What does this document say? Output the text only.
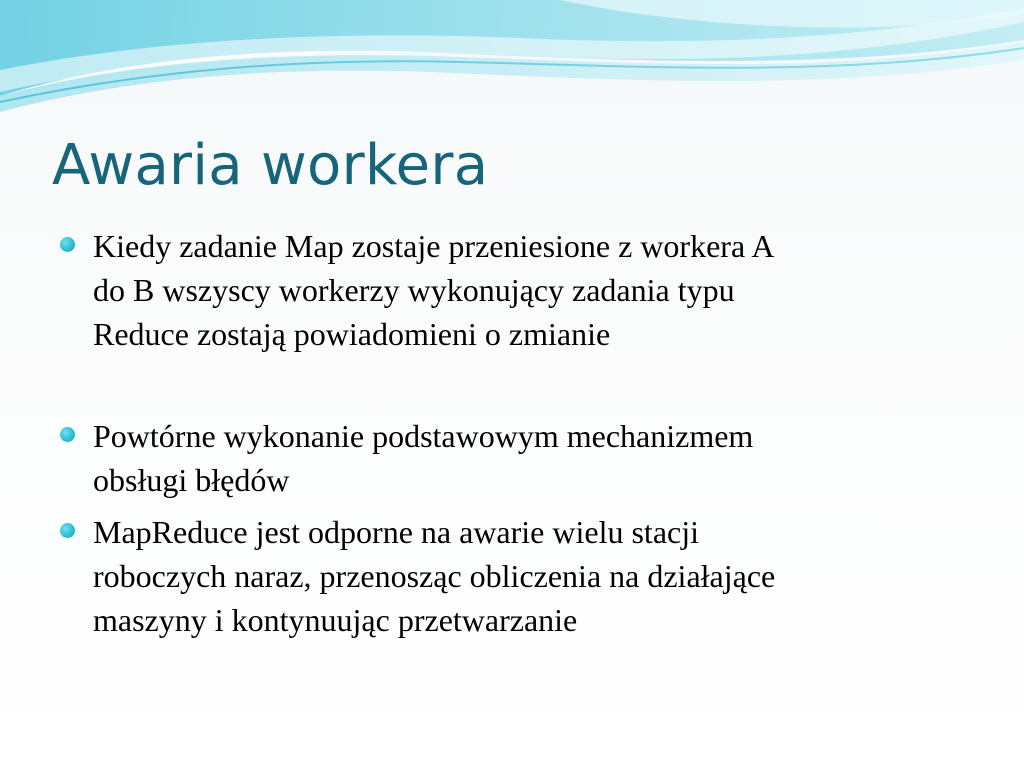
Awaria workera
Kiedy zadanie Map zostaje przeniesione z workera A
do B wszyscy workerzy wykonujący zadania typu
Reduce zostają powiadomieni o zmianie
Powtórne wykonanie podstawowym mechanizmem
obsługi błędów
MapReduce jest odporne na awarie wielu stacji
roboczych naraz, przenosząc obliczenia na działające
maszyny i kontynuując przetwarzanie
